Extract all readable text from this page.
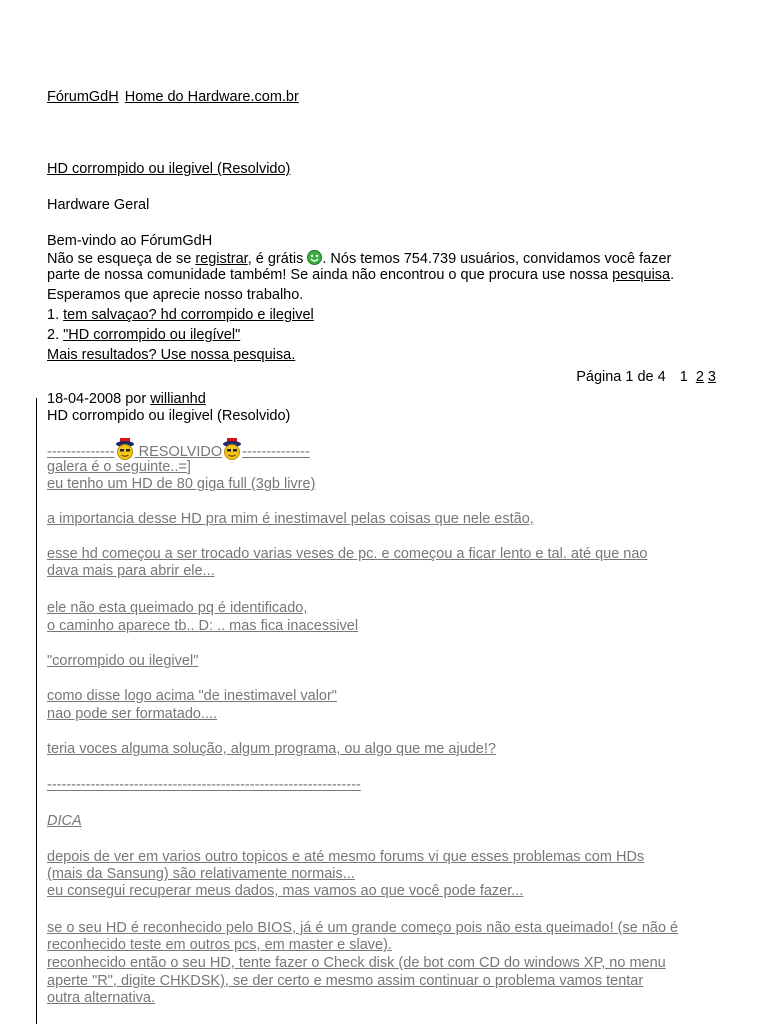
FórumGdH Home do Hardware.com.br
HD corrompido ou ilegivel (Resolvido)
Hardware Geral
Bem-vindo ao FórumGdH
Não se esqueça de se registrar, é grátis . Nós temos 754.739 usuários, convidamos você fazer
parte de nossa comunidade também! Se ainda não encontrou o que procura use nossa pesquisa.
Esperamos que aprecie nosso trabalho.
1. tem salvaçao? hd corrompido e ilegivel
2. "HD corrompido ou ilegível"
Mais resultados? Use nossa pesquisa.
Página 1 de 4 1 2 3
18-04-2008 por willianhd
HD corrompido ou ilegivel (Resolvido)
-------------- RESOLVIDO --------------
galera é o seguinte..=]
eu tenho um HD de 80 giga full (3gb livre)
a importancia desse HD pra mim é inestimavel pelas coisas que nele estão,
esse hd começou a ser trocado varias veses de pc. e começou a ficar lento e tal. até que nao
dava mais para abrir ele...
ele não esta queimado pq é identificado,
o caminho aparece tb.. D: .. mas fica inacessivel
"corrompido ou ilegivel"
como disse logo acima "de inestimavel valor"
nao pode ser formatado....
teria voces alguma solução, algum programa, ou algo que me ajude!?
-----------------------------------------------------------------
DICA
depois de ver em varios outro topicos e até mesmo forums vi que esses problemas com HDs
(mais da Sansung) são relativamente normais...
eu consegui recuperar meus dados, mas vamos ao que você pode fazer...
se o seu HD é reconhecido pelo BIOS, já é um grande começo pois não esta queimado! (se não é
reconhecido teste em outros pcs, em master e slave).
reconhecido então o seu HD, tente fazer o Check disk (de bot com CD do windows XP, no menu
aperte "R", digite CHKDSK), se der certo e mesmo assim continuar o problema vamos tentar
outra alternativa.
